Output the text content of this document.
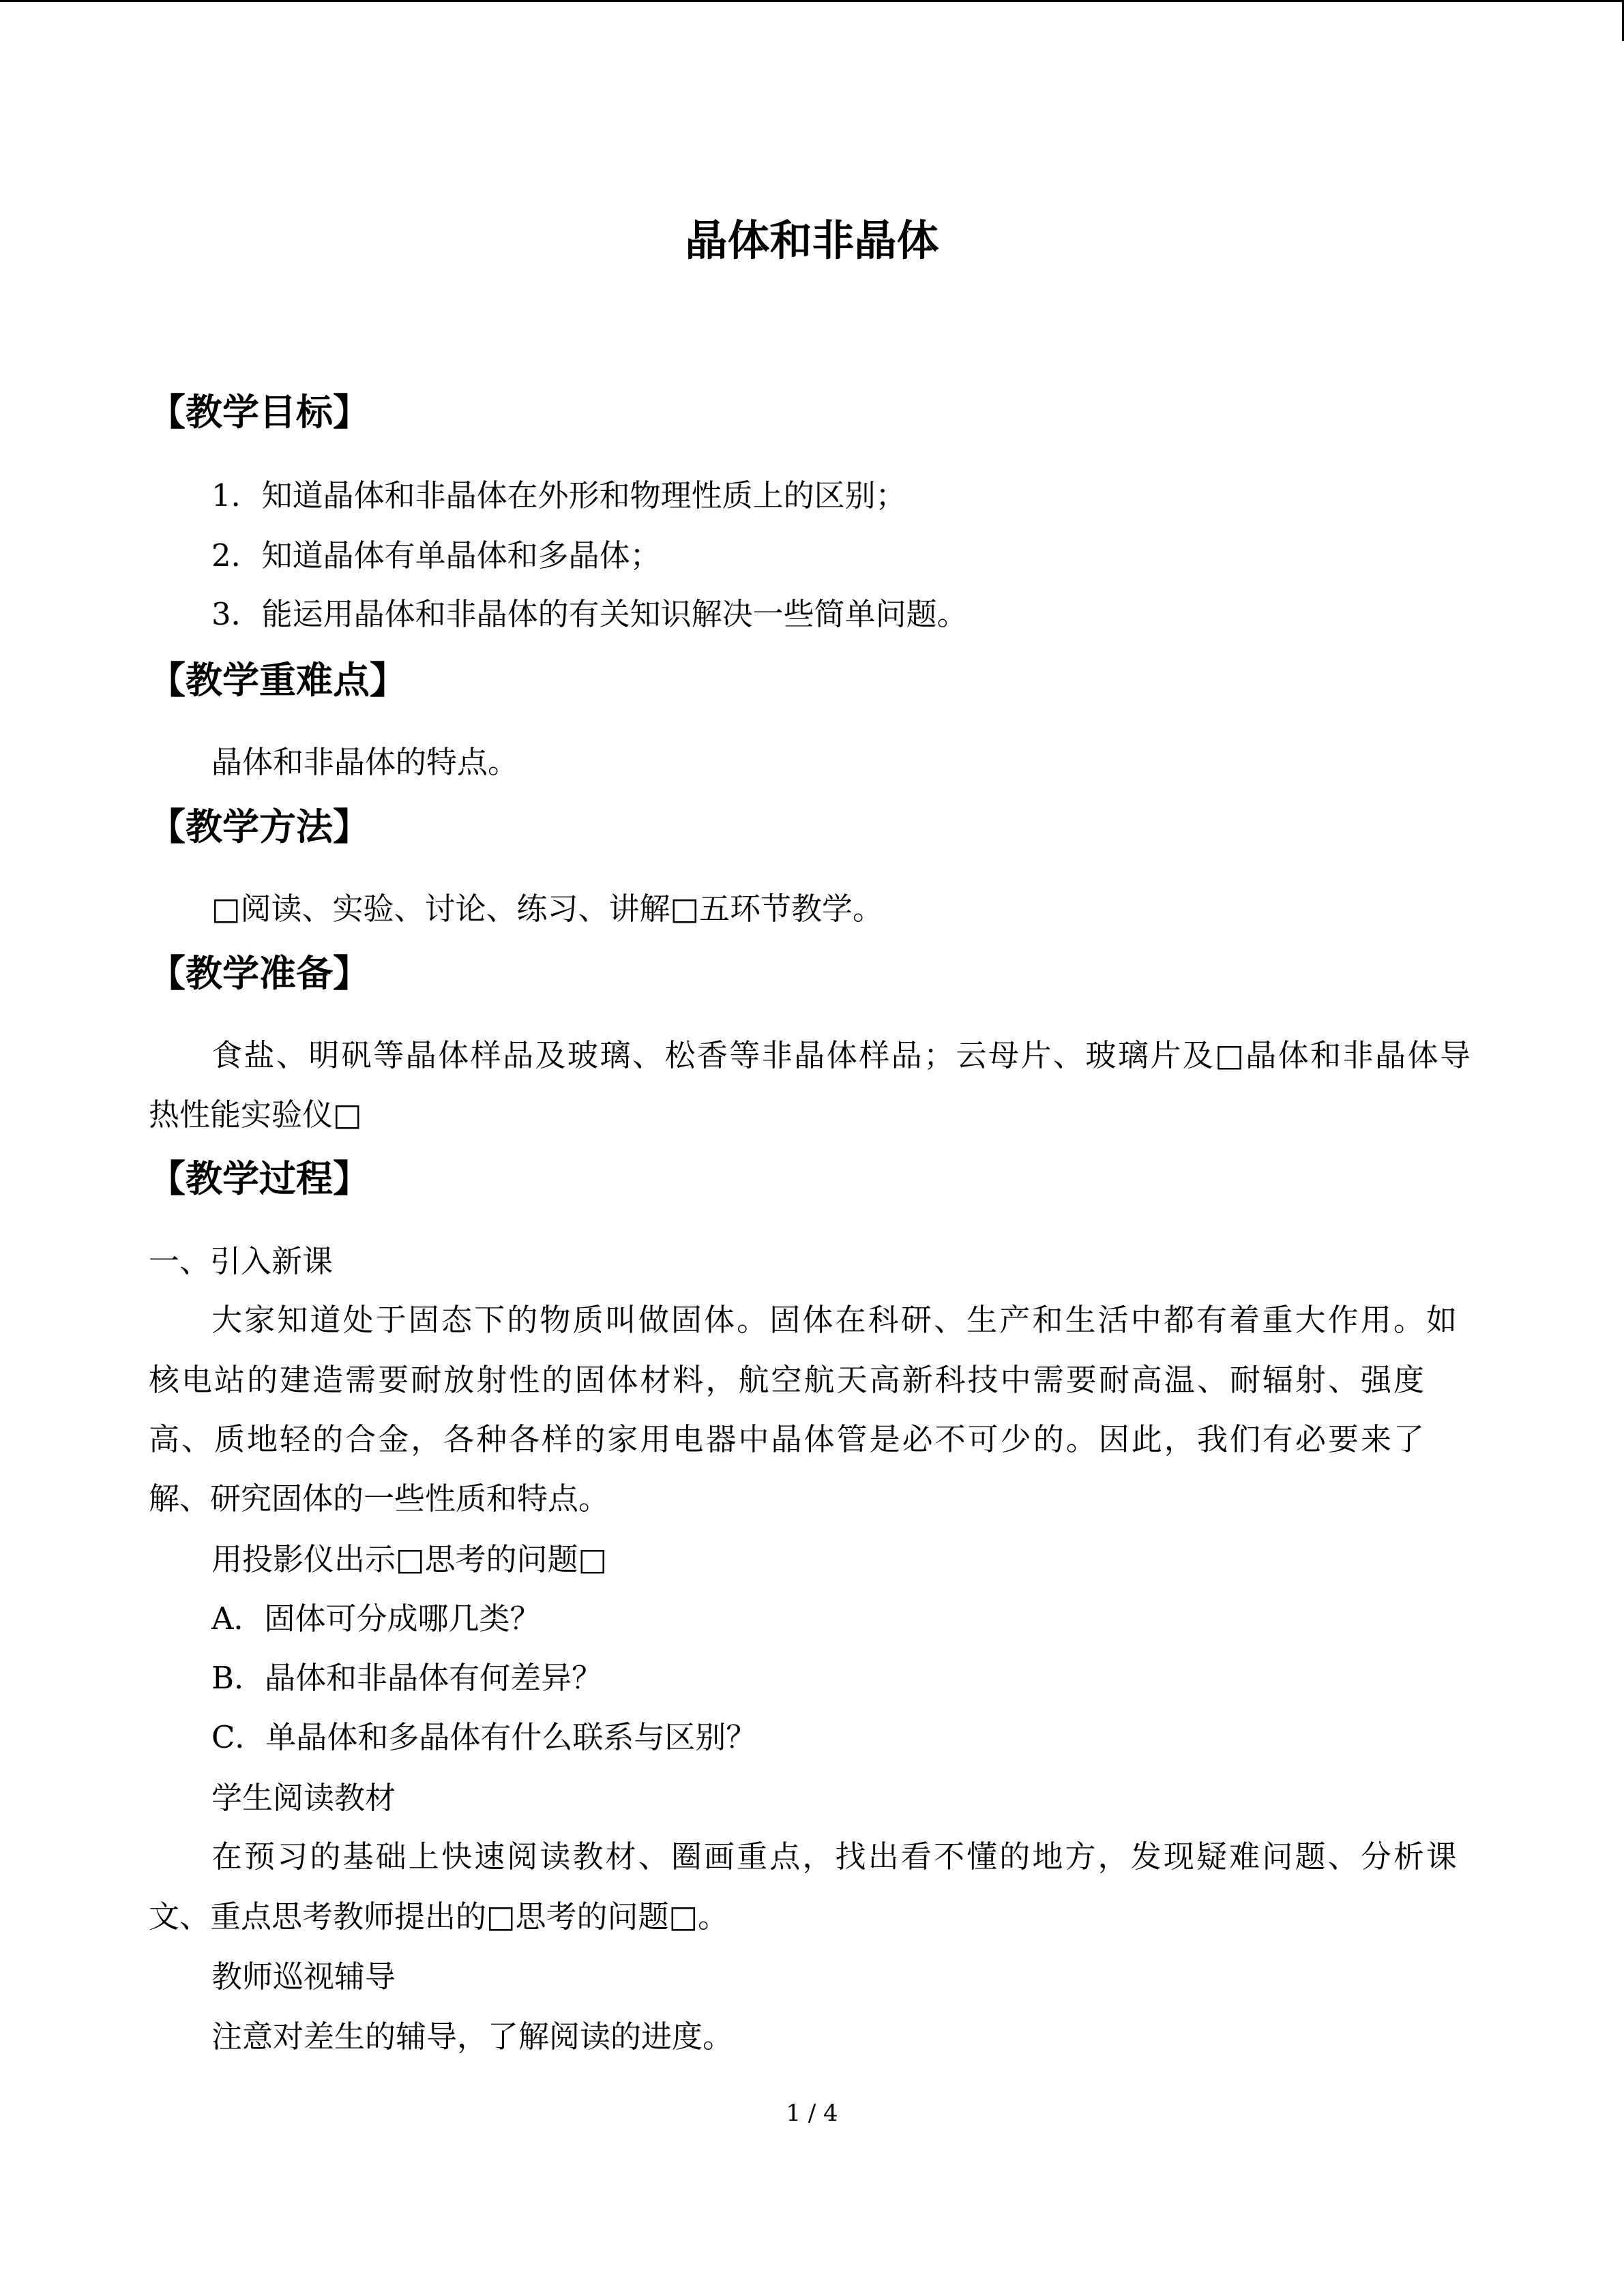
晶体和非晶体
【教学目标】
1．知道晶体和非晶体在外形和物理性质上的区别；
2．知道晶体有单晶体和多晶体；
3．能运用晶体和非晶体的有关知识解决一些简单问题。
【教学重难点】
晶体和非晶体的特点。
【教学方法】
□阅读、实验、讨论、练习、讲解□五环节教学。
【教学准备】
食盐、明矾等晶体样品及玻璃、松香等非晶体样品；云母片、玻璃片及□晶体和非晶体导
热性能实验仪□
【教学过程】
一、引入新课
大家知道处于固态下的物质叫做固体。固体在科研、生产和生活中都有着重大作用。如
核电站的建造需要耐放射性的固体材料，航空航天高新科技中需要耐高温、耐辐射、强度
高、质地轻的合金，各种各样的家用电器中晶体管是必不可少的。因此，我们有必要来了
解、研究固体的一些性质和特点。
用投影仪出示□思考的问题□
A．固体可分成哪几类？
B．晶体和非晶体有何差异？
C．单晶体和多晶体有什么联系与区别？
学生阅读教材
在预习的基础上快速阅读教材、圈画重点，找出看不懂的地方，发现疑难问题、分析课
文、重点思考教师提出的□思考的问题□。
教师巡视辅导
注意对差生的辅导，了解阅读的进度。
1 / 4
